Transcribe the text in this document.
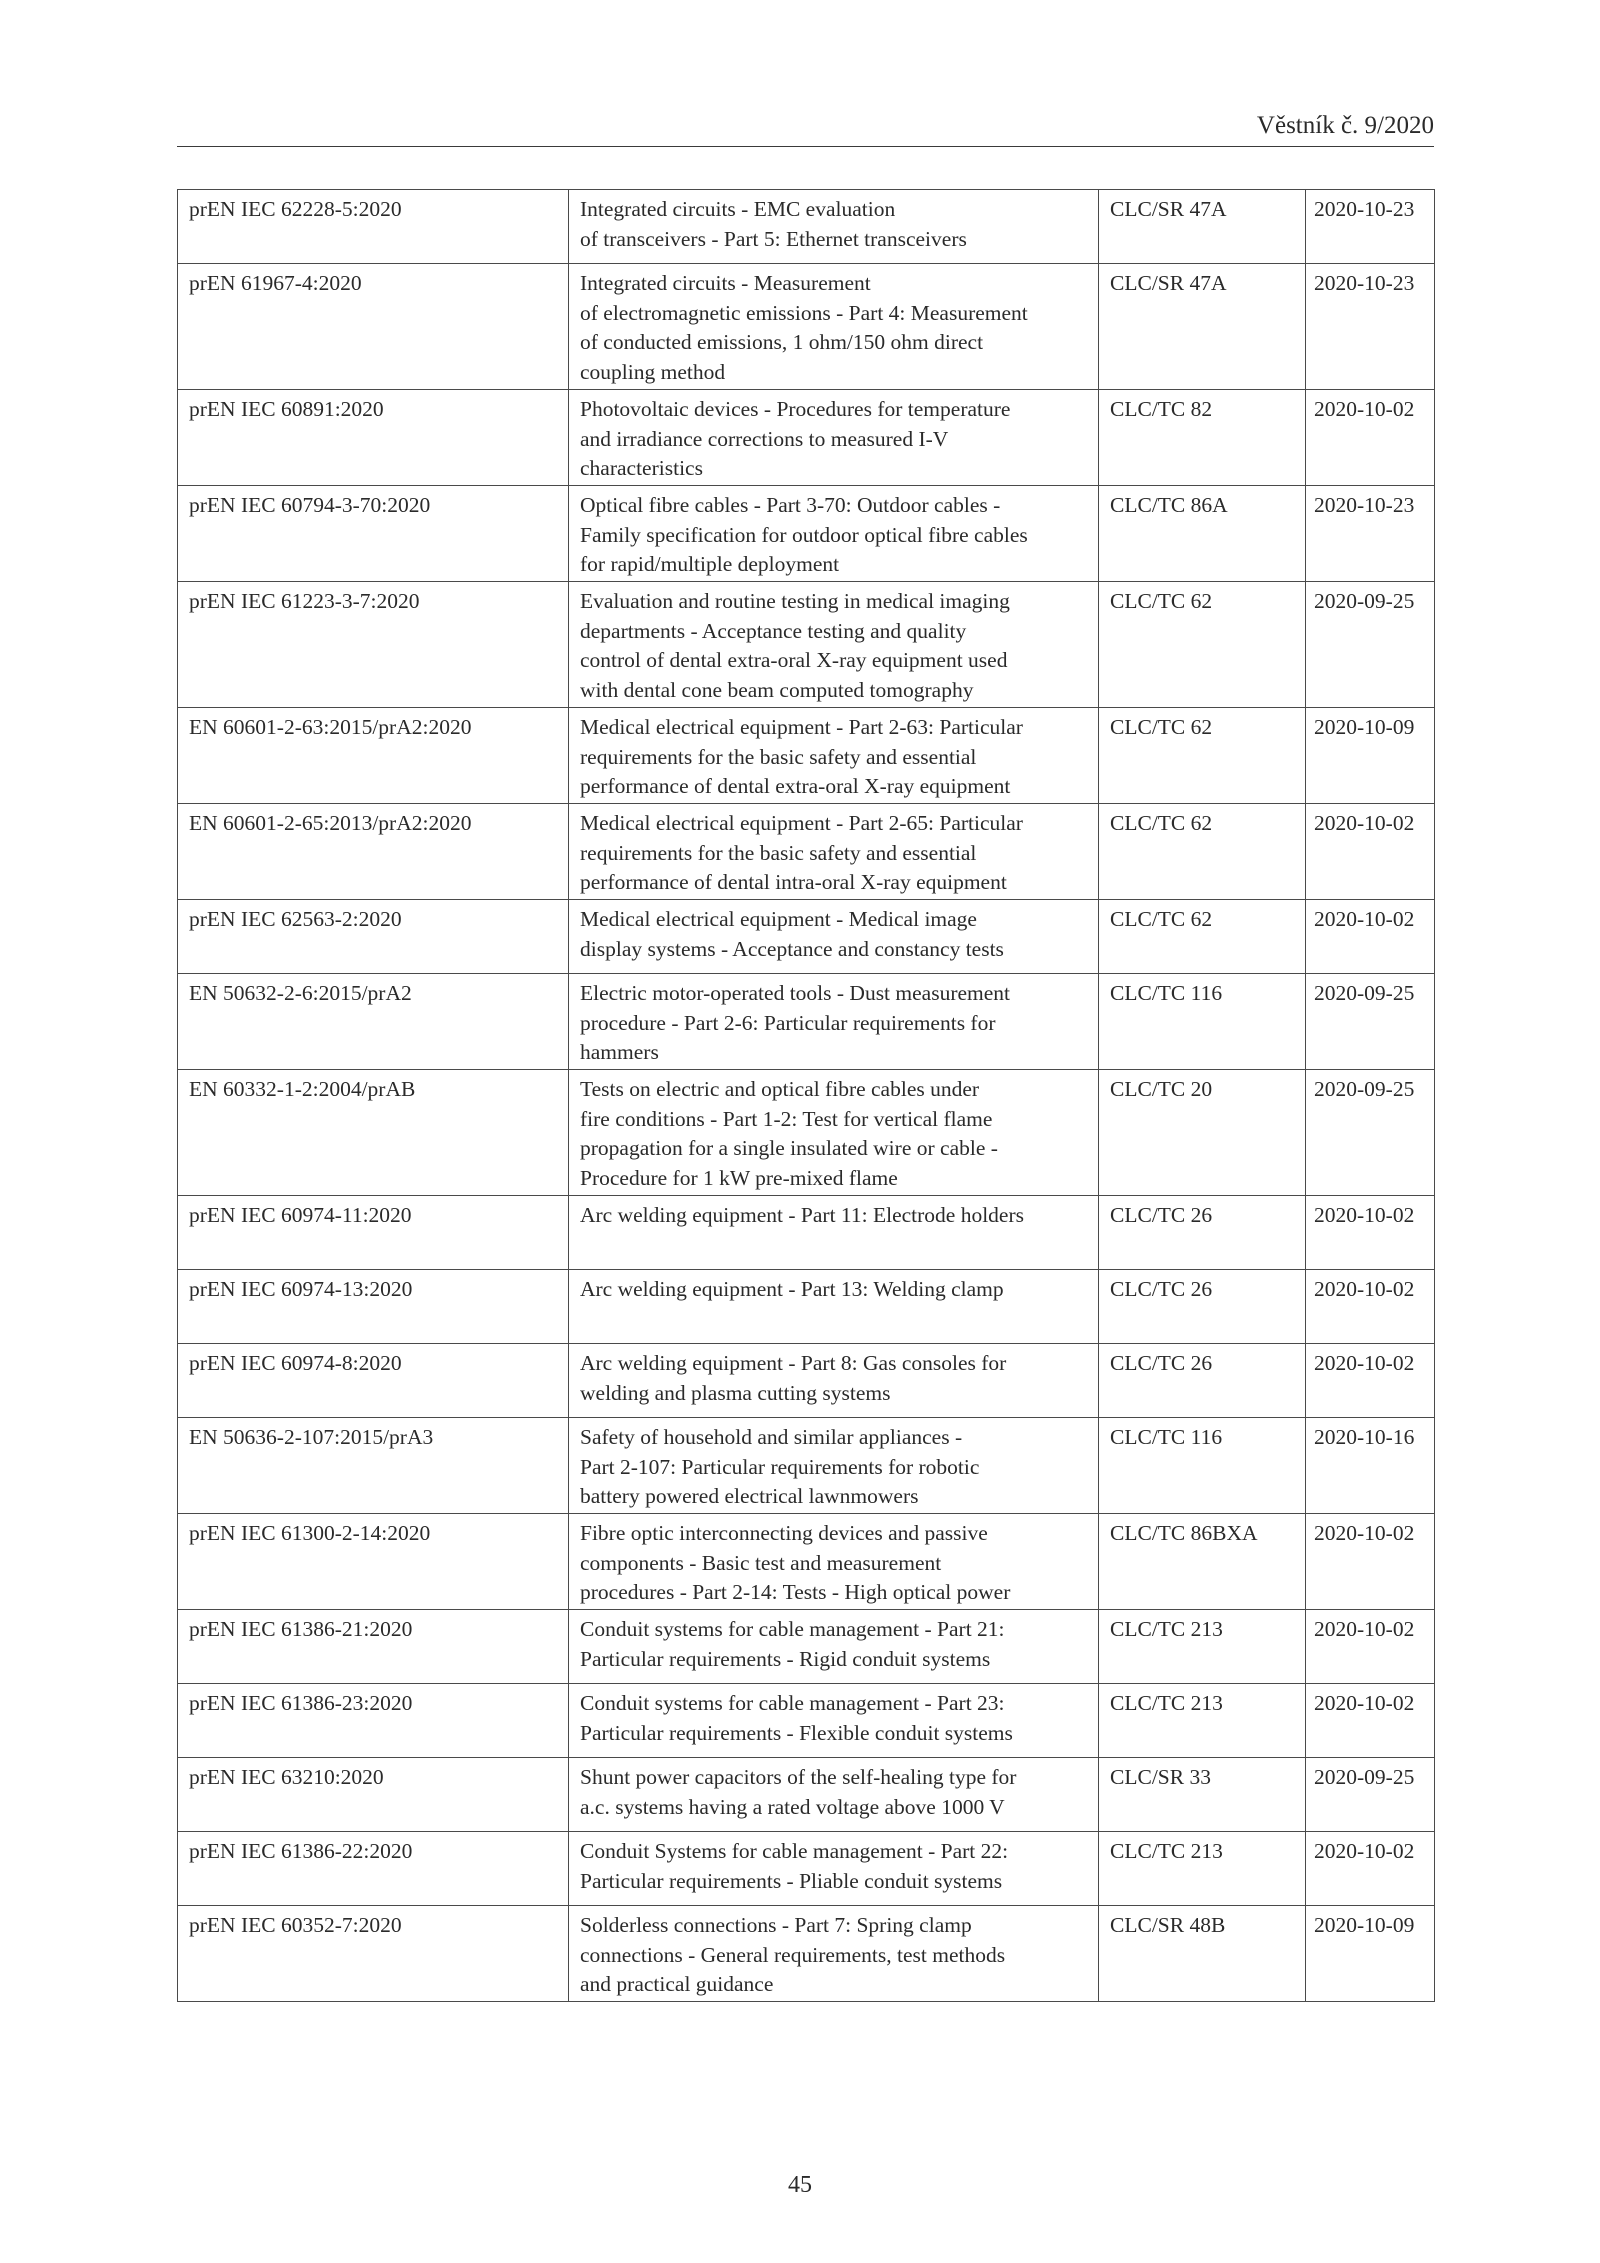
Věstník č. 9/2020
prEN IEC 62228-5:2020	Integrated circuits - EMC evaluation
of transceivers - Part 5: Ethernet transceivers	CLC/SR 47A	2020-10-23
prEN 61967-4:2020	Integrated circuits - Measurement
of electromagnetic emissions - Part 4: Measurement
of conducted emissions, 1 ohm/150 ohm direct
coupling method	CLC/SR 47A	2020-10-23
prEN IEC 60891:2020	Photovoltaic devices - Procedures for temperature
and irradiance corrections to measured I-V
characteristics	CLC/TC 82	2020-10-02
prEN IEC 60794-3-70:2020	Optical fibre cables - Part 3-70: Outdoor cables -
Family specification for outdoor optical fibre cables
for rapid/multiple deployment	CLC/TC 86A	2020-10-23
prEN IEC 61223-3-7:2020	Evaluation and routine testing in medical imaging
departments - Acceptance testing and quality
control of dental extra-oral X-ray equipment used
with dental cone beam computed tomography	CLC/TC 62	2020-09-25
EN 60601-2-63:2015/prA2:2020	Medical electrical equipment - Part 2-63: Particular
requirements for the basic safety and essential
performance of dental extra-oral X-ray equipment	CLC/TC 62	2020-10-09
EN 60601-2-65:2013/prA2:2020	Medical electrical equipment - Part 2-65: Particular
requirements for the basic safety and essential
performance of dental intra-oral X-ray equipment	CLC/TC 62	2020-10-02
prEN IEC 62563-2:2020	Medical electrical equipment - Medical image
display systems - Acceptance and constancy tests	CLC/TC 62	2020-10-02
EN 50632-2-6:2015/prA2	Electric motor-operated tools - Dust measurement
procedure - Part 2-6: Particular requirements for
hammers	CLC/TC 116	2020-09-25
EN 60332-1-2:2004/prAB	Tests on electric and optical fibre cables under
fire conditions - Part 1-2: Test for vertical flame
propagation for a single insulated wire or cable -
Procedure for 1 kW pre-mixed flame	CLC/TC 20	2020-09-25
prEN IEC 60974-11:2020	Arc welding equipment - Part 11: Electrode holders	CLC/TC 26	2020-10-02
prEN IEC 60974-13:2020	Arc welding equipment - Part 13: Welding clamp	CLC/TC 26	2020-10-02
prEN IEC 60974-8:2020	Arc welding equipment - Part 8: Gas consoles for
welding and plasma cutting systems	CLC/TC 26	2020-10-02
EN 50636-2-107:2015/prA3	Safety of household and similar appliances -
Part 2-107: Particular requirements for robotic
battery powered electrical lawnmowers	CLC/TC 116	2020-10-16
prEN IEC 61300-2-14:2020	Fibre optic interconnecting devices and passive
components - Basic test and measurement
procedures - Part 2-14: Tests - High optical power	CLC/TC 86BXA	2020-10-02
prEN IEC 61386-21:2020	Conduit systems for cable management - Part 21:
Particular requirements - Rigid conduit systems	CLC/TC 213	2020-10-02
prEN IEC 61386-23:2020	Conduit systems for cable management - Part 23:
Particular requirements - Flexible conduit systems	CLC/TC 213	2020-10-02
prEN IEC 63210:2020	Shunt power capacitors of the self-healing type for
a.c. systems having a rated voltage above 1000 V	CLC/SR 33	2020-09-25
prEN IEC 61386-22:2020	Conduit Systems for cable management - Part 22:
Particular requirements - Pliable conduit systems	CLC/TC 213	2020-10-02
prEN IEC 60352-7:2020	Solderless connections - Part 7: Spring clamp
connections - General requirements, test methods
and practical guidance	CLC/SR 48B	2020-10-09
45
